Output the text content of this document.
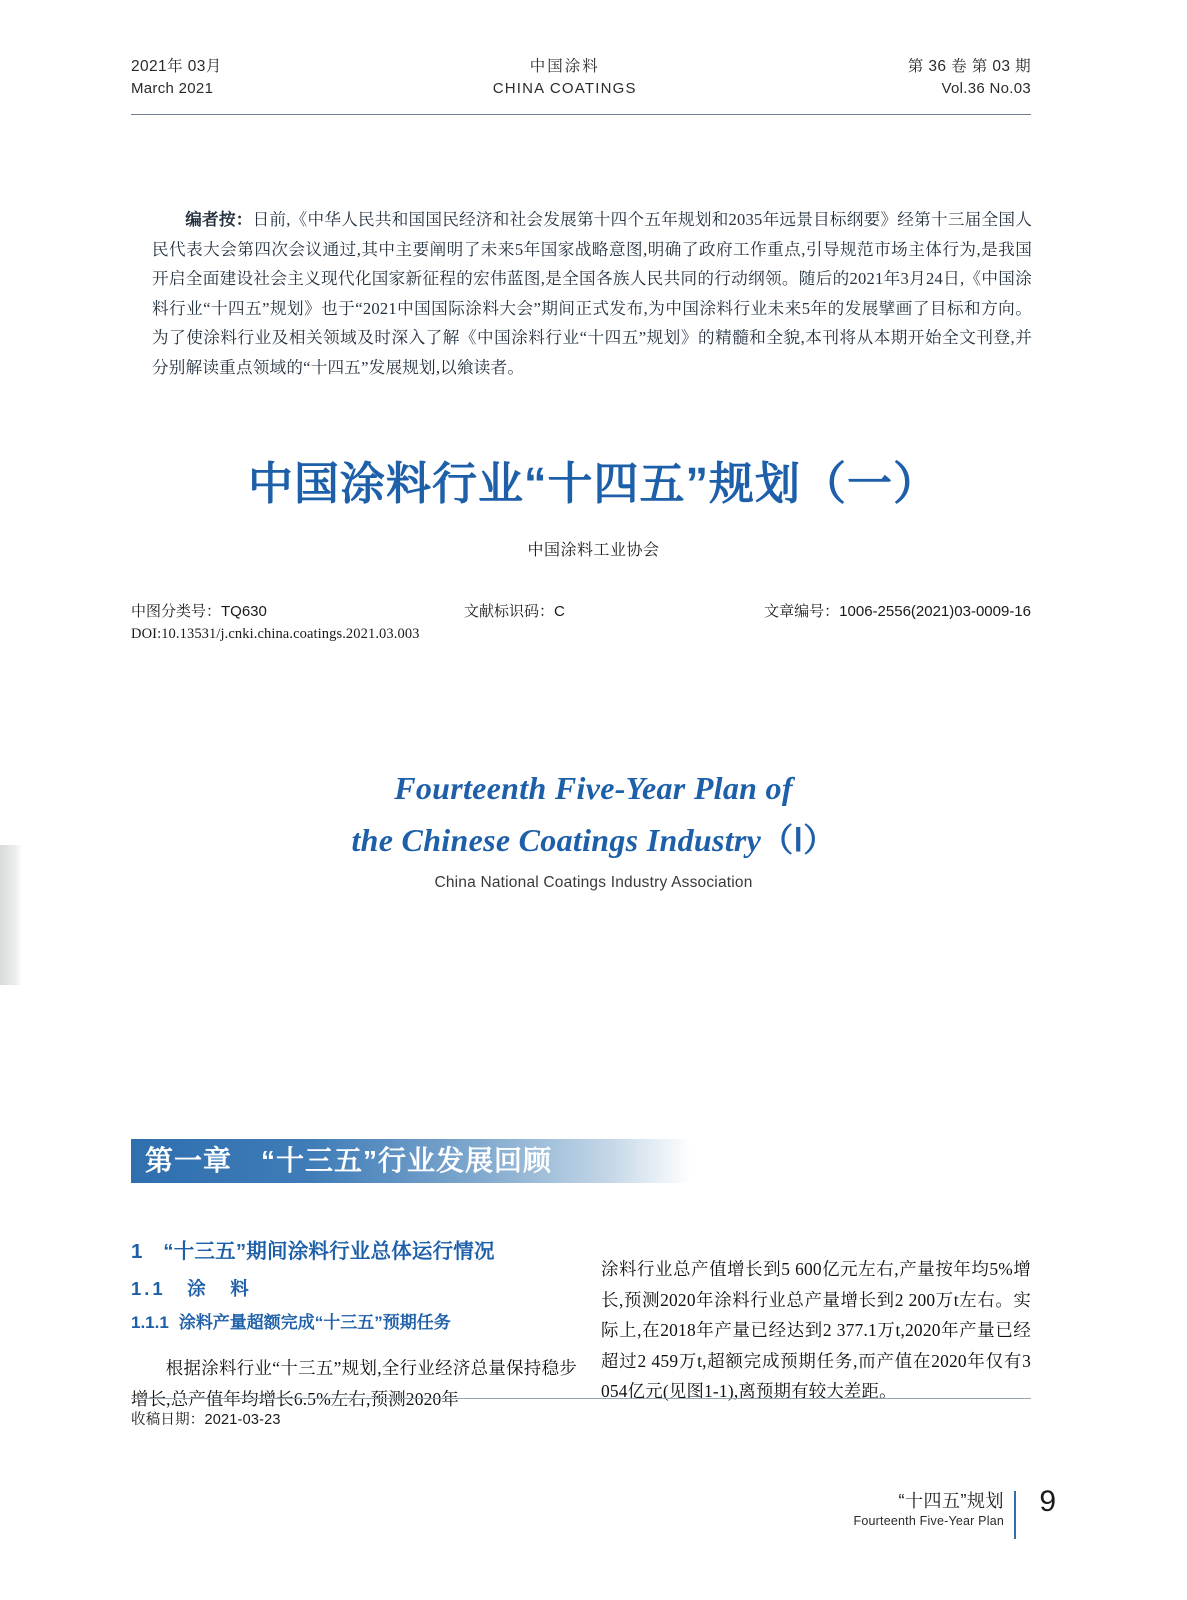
2021年 03月
March 2021
中国涂料
CHINA COATINGS
第 36 卷 第 03 期
Vol.36 No.03
编者按：日前,《中华人民共和国国民经济和社会发展第十四个五年规划和2035年远景目标纲要》经第十三届全国人民代表大会第四次会议通过,其中主要阐明了未来5年国家战略意图,明确了政府工作重点,引导规范市场主体行为,是我国开启全面建设社会主义现代化国家新征程的宏伟蓝图,是全国各族人民共同的行动纲领。随后的2021年3月24日,《中国涂料行业“十四五”规划》也于“2021中国国际涂料大会”期间正式发布,为中国涂料行业未来5年的发展擘画了目标和方向。为了使涂料行业及相关领域及时深入了解《中国涂料行业“十四五”规划》的精髓和全貌,本刊将从本期开始全文刊登,并分别解读重点领域的“十四五”发展规划,以飨读者。
中国涂料行业“十四五”规划（一）
中国涂料工业协会
中图分类号：TQ630	文献标识码：C	文章编号：1006-2556(2021)03-0009-16
DOI:10.13531/j.cnki.china.coatings.2021.03.003
Fourteenth Five-Year Plan of
the Chinese Coatings Industry（Ⅰ）
China National Coatings Industry Association
第一章　“十三五”行业发展回顾
1　“十三五”期间涂料行业总体运行情况
1.1　涂　料
1.1.1 涂料产量超额完成“十三五”预期任务

根据涂料行业“十三五”规划,全行业经济总量保持稳步增长,总产值年均增长6.5%左右,预测2020年

涂料行业总产值增长到5 600亿元左右,产量按年均5%增长,预测2020年涂料行业总产量增长到2 200万t左右。实际上,在2018年产量已经达到2 377.1万t,2020年产量已经超过2 459万t,超额完成预期任务,而产值在2020年仅有3 054亿元(见图1-1),离预期有较大差距。

收稿日期：2021-03-23
“十四五”规划
Fourteenth Five-Year Plan
9
